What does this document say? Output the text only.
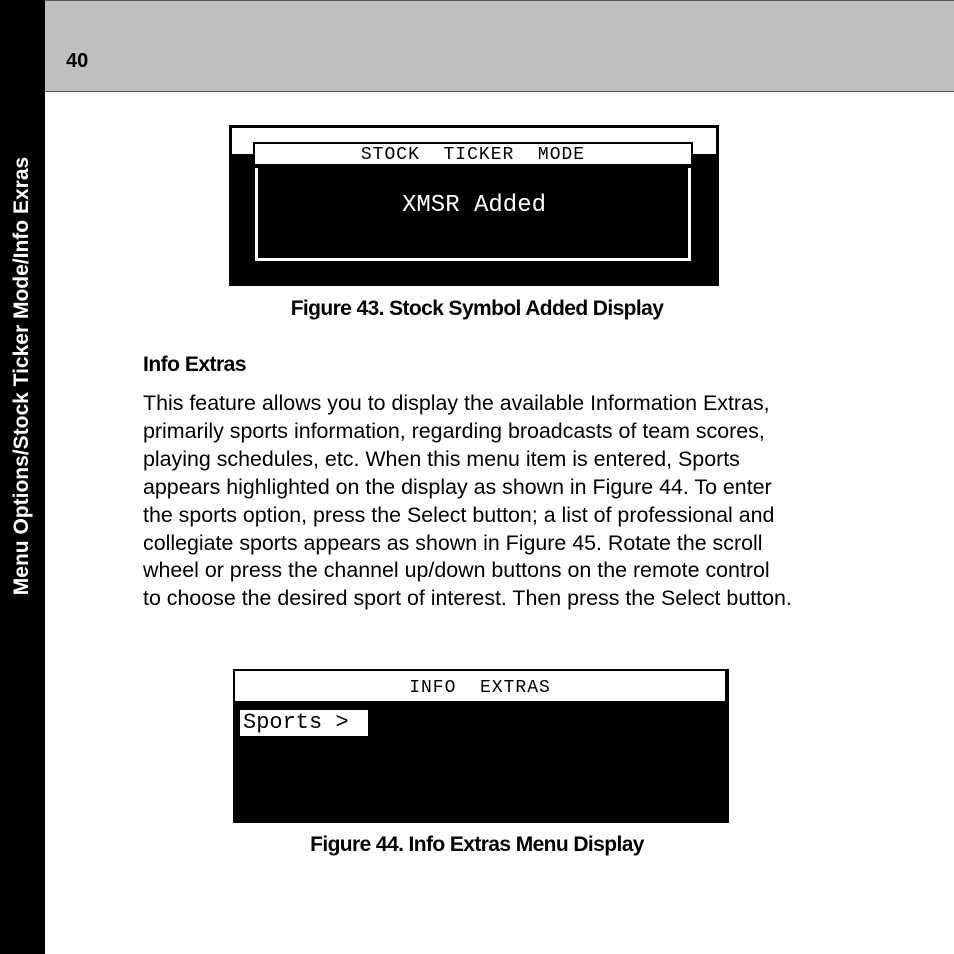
Menu Options/Stock Ticker Mode/Info Exras
40
STOCK  TICKER  MODE
XMSR Added
Figure 43. Stock Symbol Added Display
Info Extras
This feature allows you to display the available Information Extras,
primarily sports information, regarding broadcasts of team scores,
playing schedules, etc. When this menu item is entered, Sports
appears highlighted on the display as shown in Figure 44. To enter
the sports option, press the Select button; a list of professional and
collegiate sports appears as shown in Figure 45. Rotate the scroll
wheel or press the channel up/down buttons on the remote control
to choose the desired sport of interest. Then press the Select button.
INFO  EXTRAS
Sports >
Figure 44. Info Extras Menu Display
